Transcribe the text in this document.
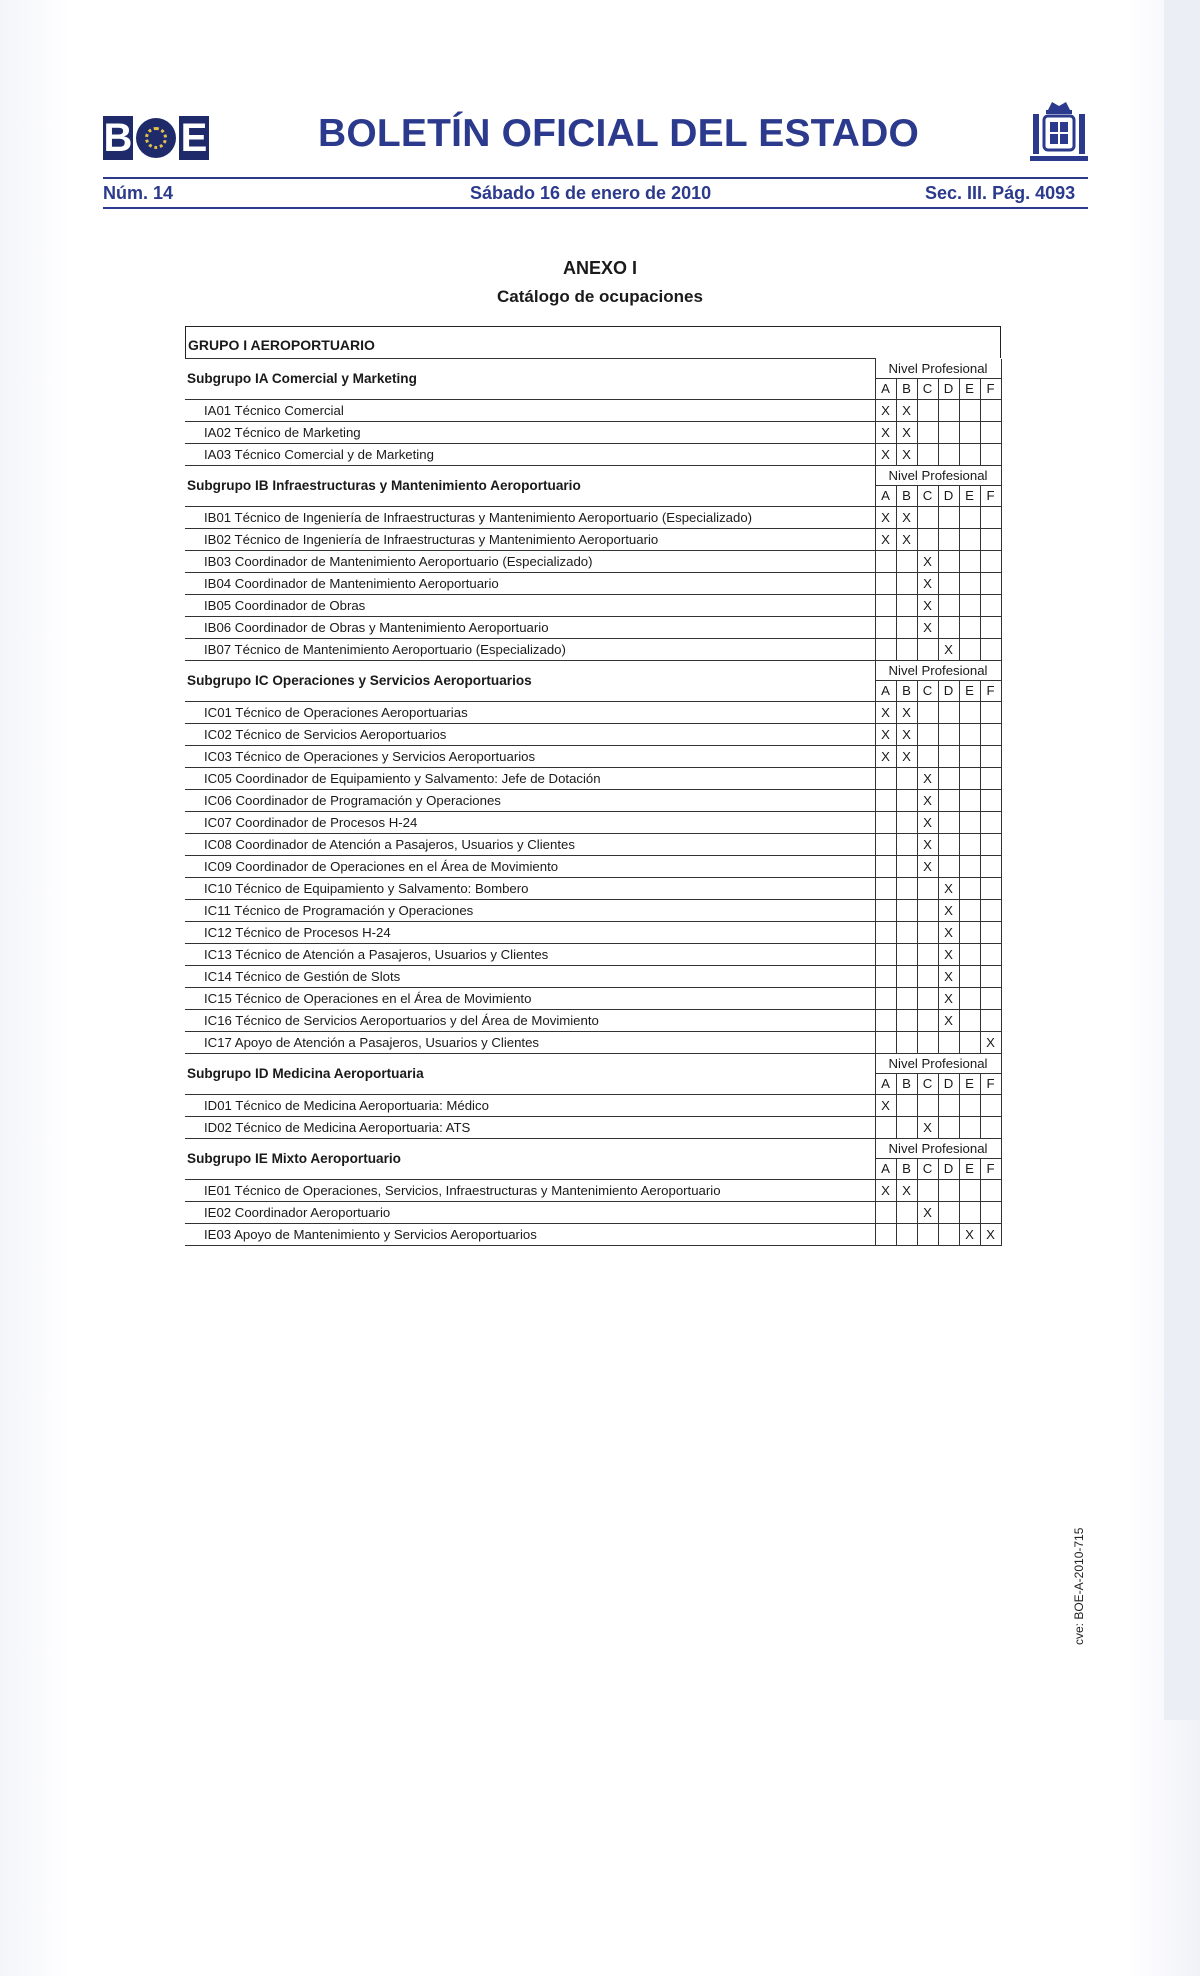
B E	BOLETÍN OFICIAL DEL ESTADO
Núm. 14	Sábado 16 de enero de 2010	Sec. III. Pág. 4093
ANEXO I
Catálogo de ocupaciones
GRUPO I AEROPORTUARIO
Subgrupo IA Comercial y Marketing	Nivel Profesional					
	A	B	C	D	E	F
IA01 Técnico Comercial	X	X				
IA02 Técnico de Marketing	X	X				
IA03 Técnico Comercial y de Marketing	X	X				
Subgrupo IB Infraestructuras y Mantenimiento Aeroportuario	Nivel Profesional					
	A	B	C	D	E	F
IB01 Técnico de Ingeniería de Infraestructuras y Mantenimiento Aeroportuario (Especializado)	X	X				
IB02 Técnico de Ingeniería de Infraestructuras y Mantenimiento Aeroportuario	X	X				
IB03 Coordinador de Mantenimiento Aeroportuario (Especializado)			X			
IB04 Coordinador de Mantenimiento Aeroportuario			X			
IB05 Coordinador de Obras			X			
IB06 Coordinador de Obras y Mantenimiento Aeroportuario			X			
IB07 Técnico de Mantenimiento Aeroportuario (Especializado)				X		
Subgrupo IC Operaciones y Servicios Aeroportuarios	Nivel Profesional					
	A	B	C	D	E	F
IC01 Técnico de Operaciones Aeroportuarias	X	X				
IC02 Técnico de Servicios Aeroportuarios	X	X				
IC03 Técnico de Operaciones y Servicios Aeroportuarios	X	X				
IC05 Coordinador de Equipamiento y Salvamento: Jefe de Dotación			X			
IC06 Coordinador de Programación y Operaciones			X			
IC07 Coordinador de Procesos H-24			X			
IC08 Coordinador de Atención a Pasajeros, Usuarios y Clientes			X			
IC09 Coordinador de Operaciones en el Área de Movimiento			X			
IC10 Técnico de Equipamiento y Salvamento: Bombero				X		
IC11 Técnico de Programación y Operaciones				X		
IC12 Técnico de Procesos H-24				X		
IC13 Técnico de Atención a Pasajeros, Usuarios y Clientes				X		
IC14 Técnico de Gestión de Slots				X		
IC15 Técnico de Operaciones en el Área de Movimiento				X		
IC16 Técnico de Servicios Aeroportuarios y del Área de Movimiento				X		
IC17 Apoyo de Atención a Pasajeros, Usuarios y Clientes						X
Subgrupo ID Medicina Aeroportuaria	Nivel Profesional					
	A	B	C	D	E	F
ID01 Técnico de Medicina Aeroportuaria: Médico	X					
ID02 Técnico de Medicina Aeroportuaria: ATS			X			
Subgrupo IE Mixto Aeroportuario	Nivel Profesional					
	A	B	C	D	E	F
IE01 Técnico de Operaciones, Servicios, Infraestructuras y Mantenimiento Aeroportuario	X	X				
IE02 Coordinador Aeroportuario			X			
IE03 Apoyo de Mantenimiento y Servicios Aeroportuarios					X	X
cve: BOE-A-2010-715
